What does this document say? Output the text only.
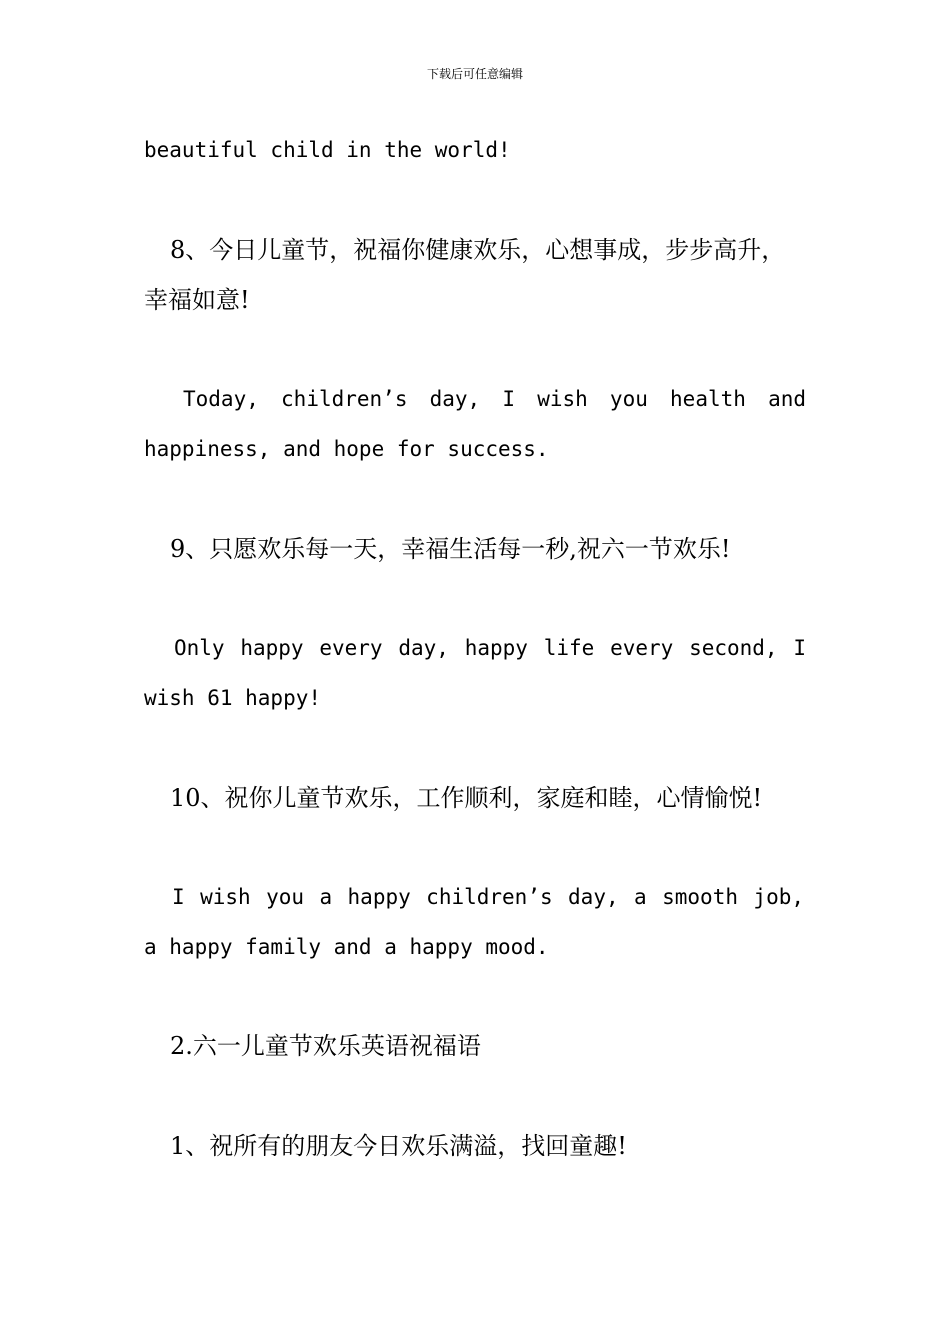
下载后可任意编辑
beautiful child in the world!
8、今日儿童节，祝福你健康欢乐，心想事成，步步高升，
幸福如意!
Today, children’s day, I wish you health and
happiness, and hope for success.
9、只愿欢乐每一天，幸福生活每一秒,祝六一节欢乐!
Only happy every day, happy life every second, I
wish 61 happy!
10、祝你儿童节欢乐，工作顺利，家庭和睦，心情愉悦!
I wish you a happy children’s day, a smooth job,
a happy family and a happy mood.
2.六一儿童节欢乐英语祝福语
1、祝所有的朋友今日欢乐满溢，找回童趣!
